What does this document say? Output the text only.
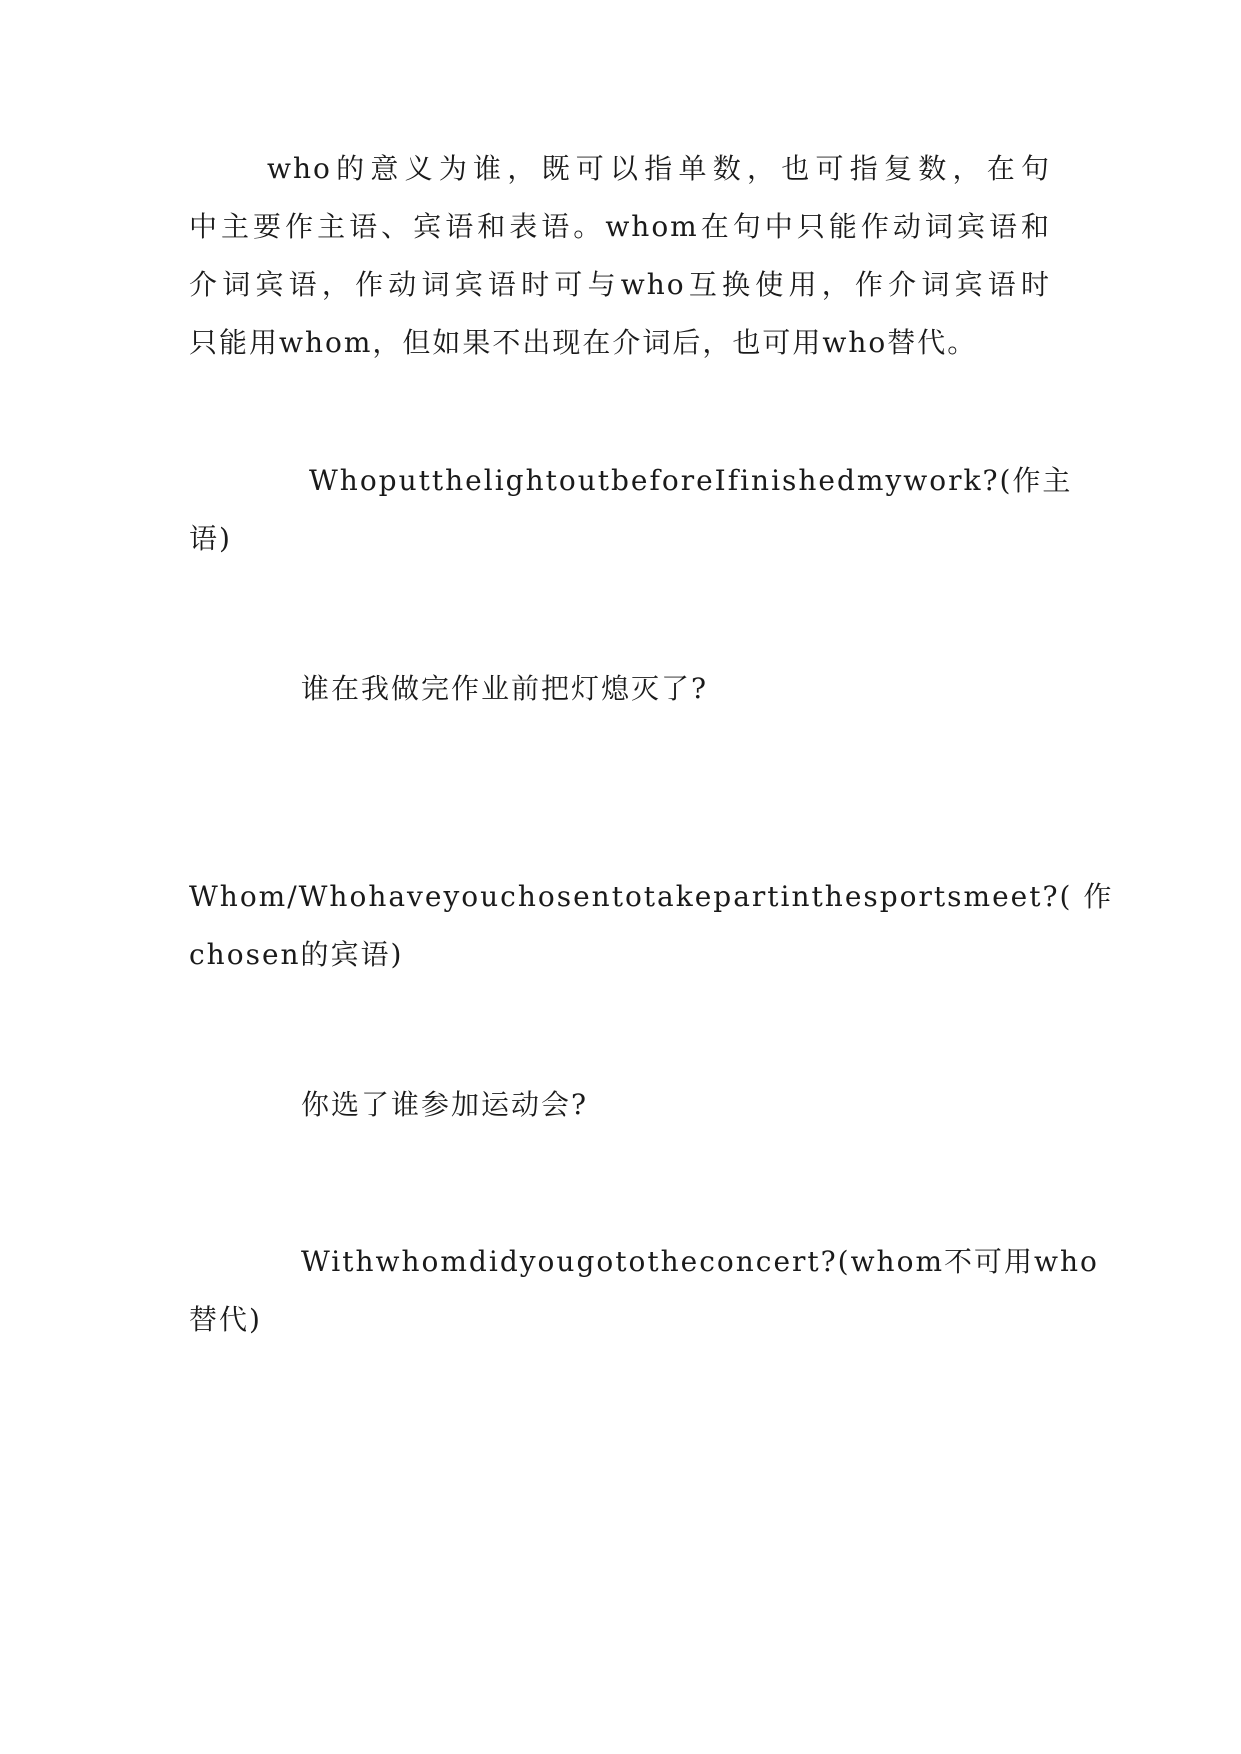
who的意义为谁，既可以指单数，也可指复数，在句
中主要作主语、宾语和表语。whom在句中只能作动词宾语和
介词宾语，作动词宾语时可与who互换使用，作介词宾语时
只能用whom，但如果不出现在介词后，也可用who替代。
WhoputthelightoutbeforeIfinishedmywork?(作主
语)
谁在我做完作业前把灯熄灭了?
Whom/Whohaveyouchosentotakepartinthesportsmeet?( 作
chosen的宾语)
你选了谁参加运动会?
Withwhomdidyougototheconcert?(whom不可用who
替代)
